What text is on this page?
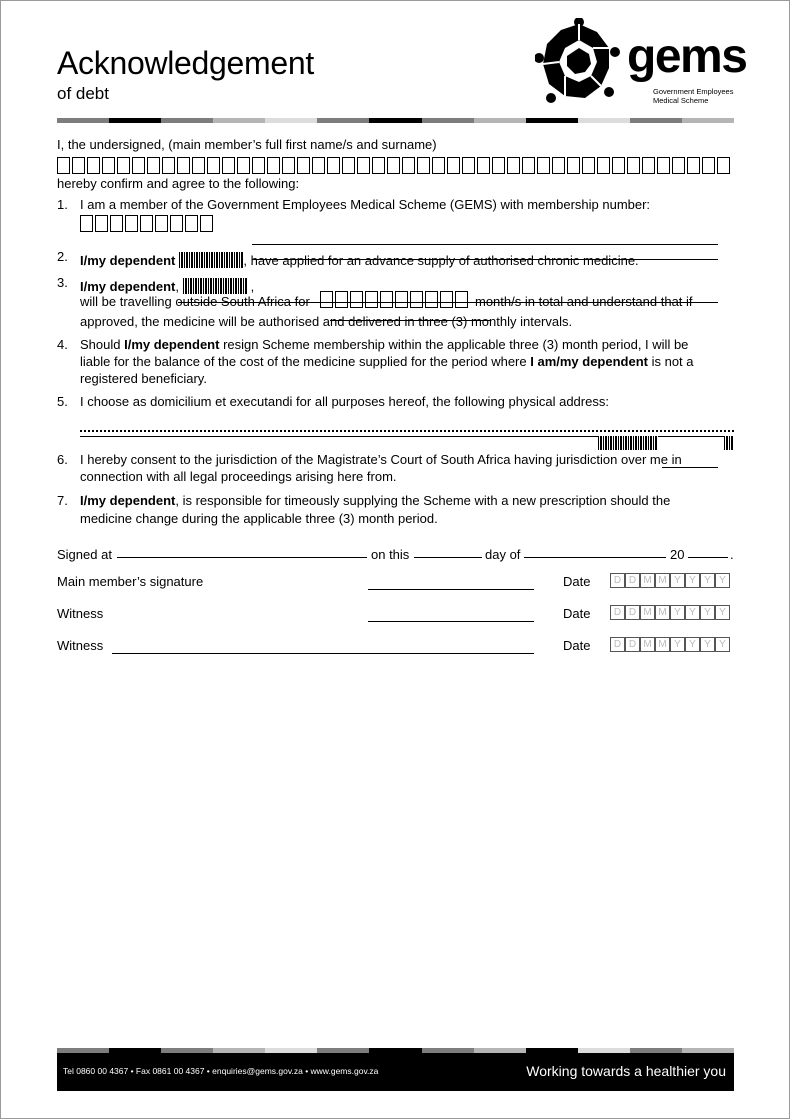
Acknowledgement
of debt
gems
Government Employees
Medical Scheme
I, the undersigned, (main member’s full first name/s and surname)
hereby confirm and agree to the following:
1. I am a member of the Government Employees Medical Scheme (GEMS) with membership number:
2. I/my dependent	, have applied for an advance supply of authorised chronic medicine.
3. I/my dependent,	,
will be travelling outside South Africa for	month/s in total and understand that if
approved, the medicine will be authorised and delivered in three (3) monthly intervals.
4. Should I/my dependent resign Scheme membership within the applicable three (3) month period, I will be
liable for the balance of the cost of the medicine supplied for the period where I am/my dependent is not a
registered beneficiary.
5. I choose as domicilium et executandi for all purposes hereof, the following physical address:
6. I hereby consent to the jurisdiction of the Magistrate’s Court of South Africa having jurisdiction over me in
connection with all legal proceedings arising here from.
7. I/my dependent, is responsible for timeously supplying the Scheme with a new prescription should the
medicine change during the applicable three (3) month period.
Signed at	on this	day of	20	.
Main member’s signature	Date	D D M M Y Y Y Y
Witness	Date	D D M M Y Y Y Y
Witness	Date	D D M M Y Y Y Y
Tel 0860 00 4367 • Fax 0861 00 4367 • enquiries@gems.gov.za • www.gems.gov.za	Working towards a healthier you
